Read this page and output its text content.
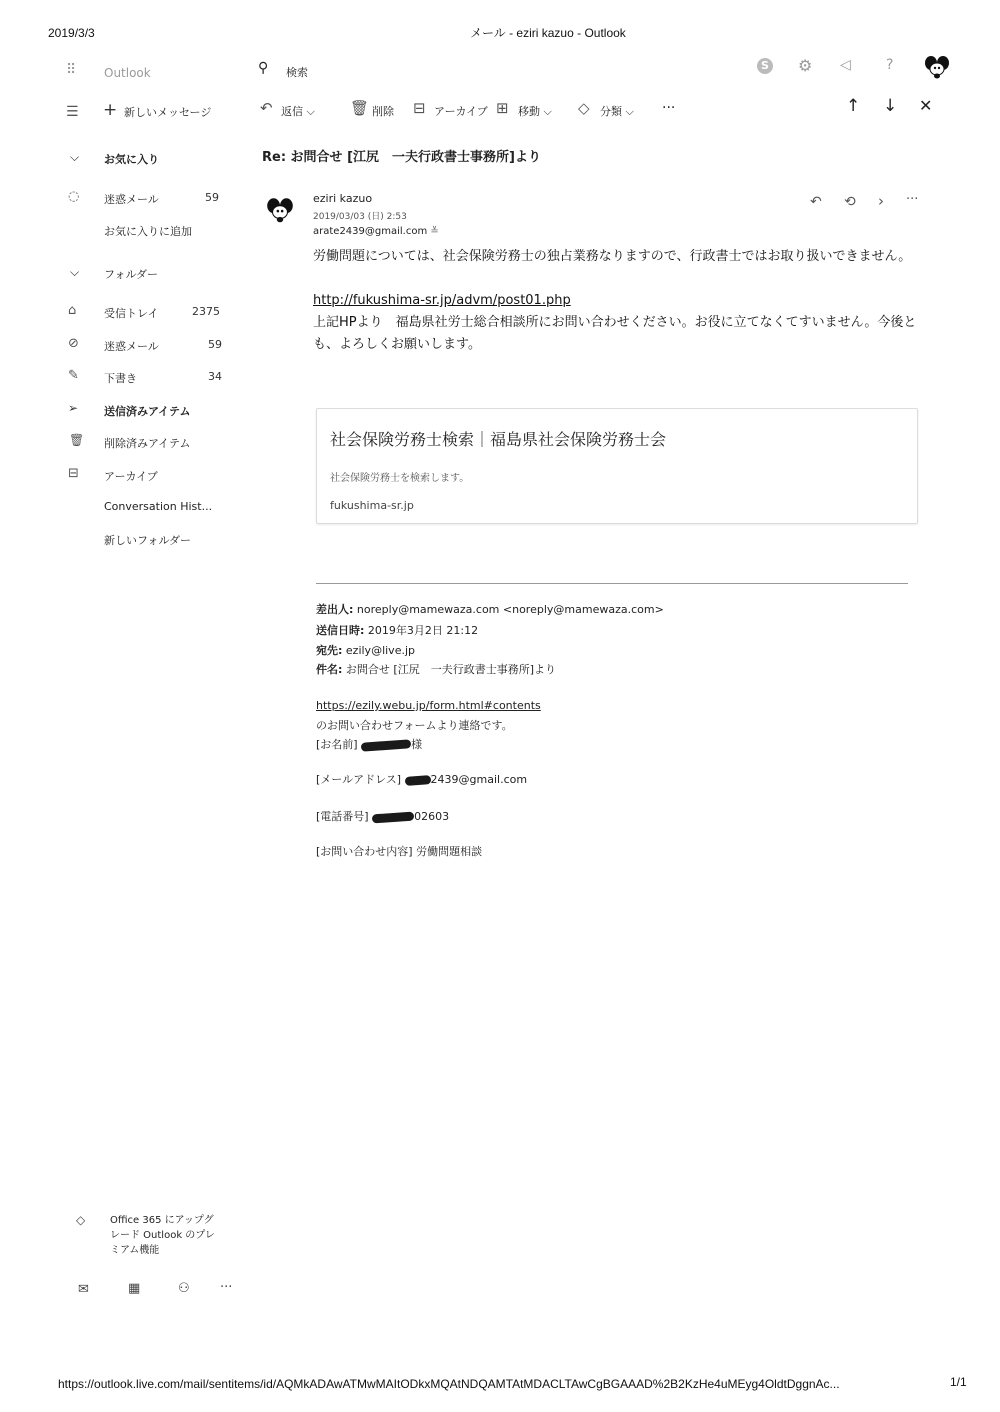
2019/3/3	メール - eziri kazuo - Outlook
⠿ Outlook	⚲ 検索
S ⚙ ◁	?
☰ + 新しいメッセージ	↶ 返信 ⌵ 🗑 削除 ⊟ アーカイブ ⊞ 移動 ⌵ ◇ 分類 ⌵ ···	↑ ↓ ✕
⌵ お気に入り
◌ 迷惑メール	59
お気に入りに追加
⌵ フォルダー
⌂	受信トレイ	2375
⊘ 迷惑メール	59
✎ 下書き	34
➢ 送信済みアイテム
🗑 削除済みアイテム
⊟ アーカイブ
Conversation Hist...
新しいフォルダー
◇ Office 365 にアップグ
レード Outlook のプレ
ミアム機能
✉	▦	⚇ ···
Re: お問合せ [江尻　一夫行政書士事務所]より
eziri kazuo
2019/03/03 (日) 2:53
arate2439@gmail.com ≚
↶ ⟲ › ···
労働問題については、社会保険労務士の独占業務なりますので、行政書士ではお取り扱いできません。
http://fukushima-sr.jp/advm/post01.php
上記HPより　福島県社労士総合相談所にお問い合わせください。お役に立てなくてすいません。今後とも、よろしくお願いします。
社会保険労務士検索｜福島県社会保険労務士会
社会保険労務士を検索します。
fukushima-sr.jp
差出人: noreply@mamewaza.com <noreply@mamewaza.com>
送信日時: 2019年3月2日 21:12
宛先: ezily@live.jp
件名: お問合せ [江尻　一夫行政書士事務所]より
https://ezily.webu.jp/form.html#contents
のお問い合わせフォームより連絡です。
[お名前]	様
[メールアドレス]	2439@gmail.com
[電話番号]	02603
[お問い合わせ内容] 労働問題相談
https://outlook.live.com/mail/sentitems/id/AQMkADAwATMwMAItODkxMQAtNDQAMTAtMDACLTAwCgBGAAAD%2B2KzHe4uMEyg4OldtDggnAc...	1/1
